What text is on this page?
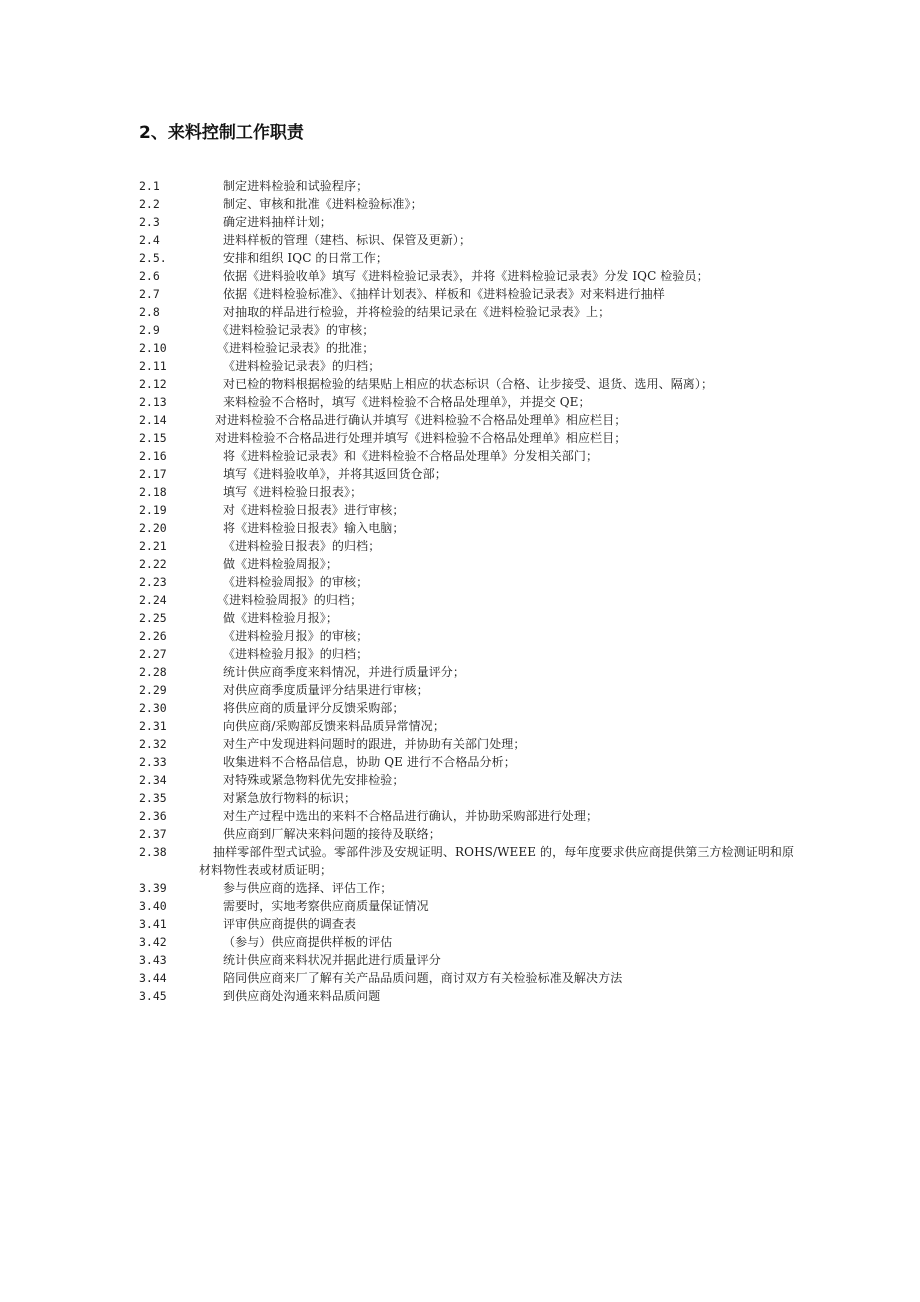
2、来料控制工作职责
2.1	制定进料检验和试验程序；
2.2	制定、审核和批准《进料检验标准》；
2.3	确定进料抽样计划；
2.4	进料样板的管理（建档、标识、保管及更新）；
2.5.	安排和组织 IQC 的日常工作；
2.6	依据《进料验收单》填写《进料检验记录表》，并将《进料检验记录表》分发 IQC 检验员；
2.7	依据《进料检验标准》、《抽样计划表》、样板和《进料检验记录表》对来料进行抽样
2.8	对抽取的样品进行检验，并将检验的结果记录在《进料检验记录表》上；
2.9	《进料检验记录表》的审核；
2.10	《进料检验记录表》的批准；
2.11	《进料检验记录表》的归档；
2.12	对已检的物料根据检验的结果贴上相应的状态标识（合格、让步接受、退货、选用、隔离）；
2.13	来料检验不合格时，填写《进料检验不合格品处理单》，并提交 QE；
2.14	对进料检验不合格品进行确认并填写《进料检验不合格品处理单》相应栏目；
2.15	对进料检验不合格品进行处理并填写《进料检验不合格品处理单》相应栏目；
2.16	将《进料检验记录表》和《进料检验不合格品处理单》分发相关部门；
2.17	填写《进料验收单》，并将其返回货仓部；
2.18	填写《进料检验日报表》；
2.19	对《进料检验日报表》进行审核；
2.20	将《进料检验日报表》输入电脑；
2.21	《进料检验日报表》的归档；
2.22	做《进料检验周报》；
2.23	《进料检验周报》的审核；
2.24	《进料检验周报》的归档；
2.25	做《进料检验月报》；
2.26	《进料检验月报》的审核；
2.27	《进料检验月报》的归档；
2.28	统计供应商季度来料情况，并进行质量评分；
2.29	对供应商季度质量评分结果进行审核；
2.30	将供应商的质量评分反馈采购部；
2.31	向供应商/采购部反馈来料品质异常情况；
2.32	对生产中发现进料问题时的跟进，并协助有关部门处理；
2.33	收集进料不合格品信息，协助 QE 进行不合格品分析；
2.34	对特殊或紧急物料优先安排检验；
2.35	对紧急放行物料的标识；
2.36	对生产过程中选出的来料不合格品进行确认，并协助采购部进行处理；
2.37	供应商到厂解决来料问题的接待及联络；
2.38	抽样零部件型式试验。零部件涉及安规证明、ROHS/WEEE 的，每年度要求供应商提供第三方检测证明和原材料物性表或材质证明；
3.39	参与供应商的选择、评估工作；
3.40	需要时，实地考察供应商质量保证情况
3.41	评审供应商提供的调查表
3.42	（参与）供应商提供样板的评估
3.43	统计供应商来料状况并据此进行质量评分
3.44	陪同供应商来厂了解有关产品品质问题，商讨双方有关检验标准及解决方法
3.45	到供应商处沟通来料品质问题
